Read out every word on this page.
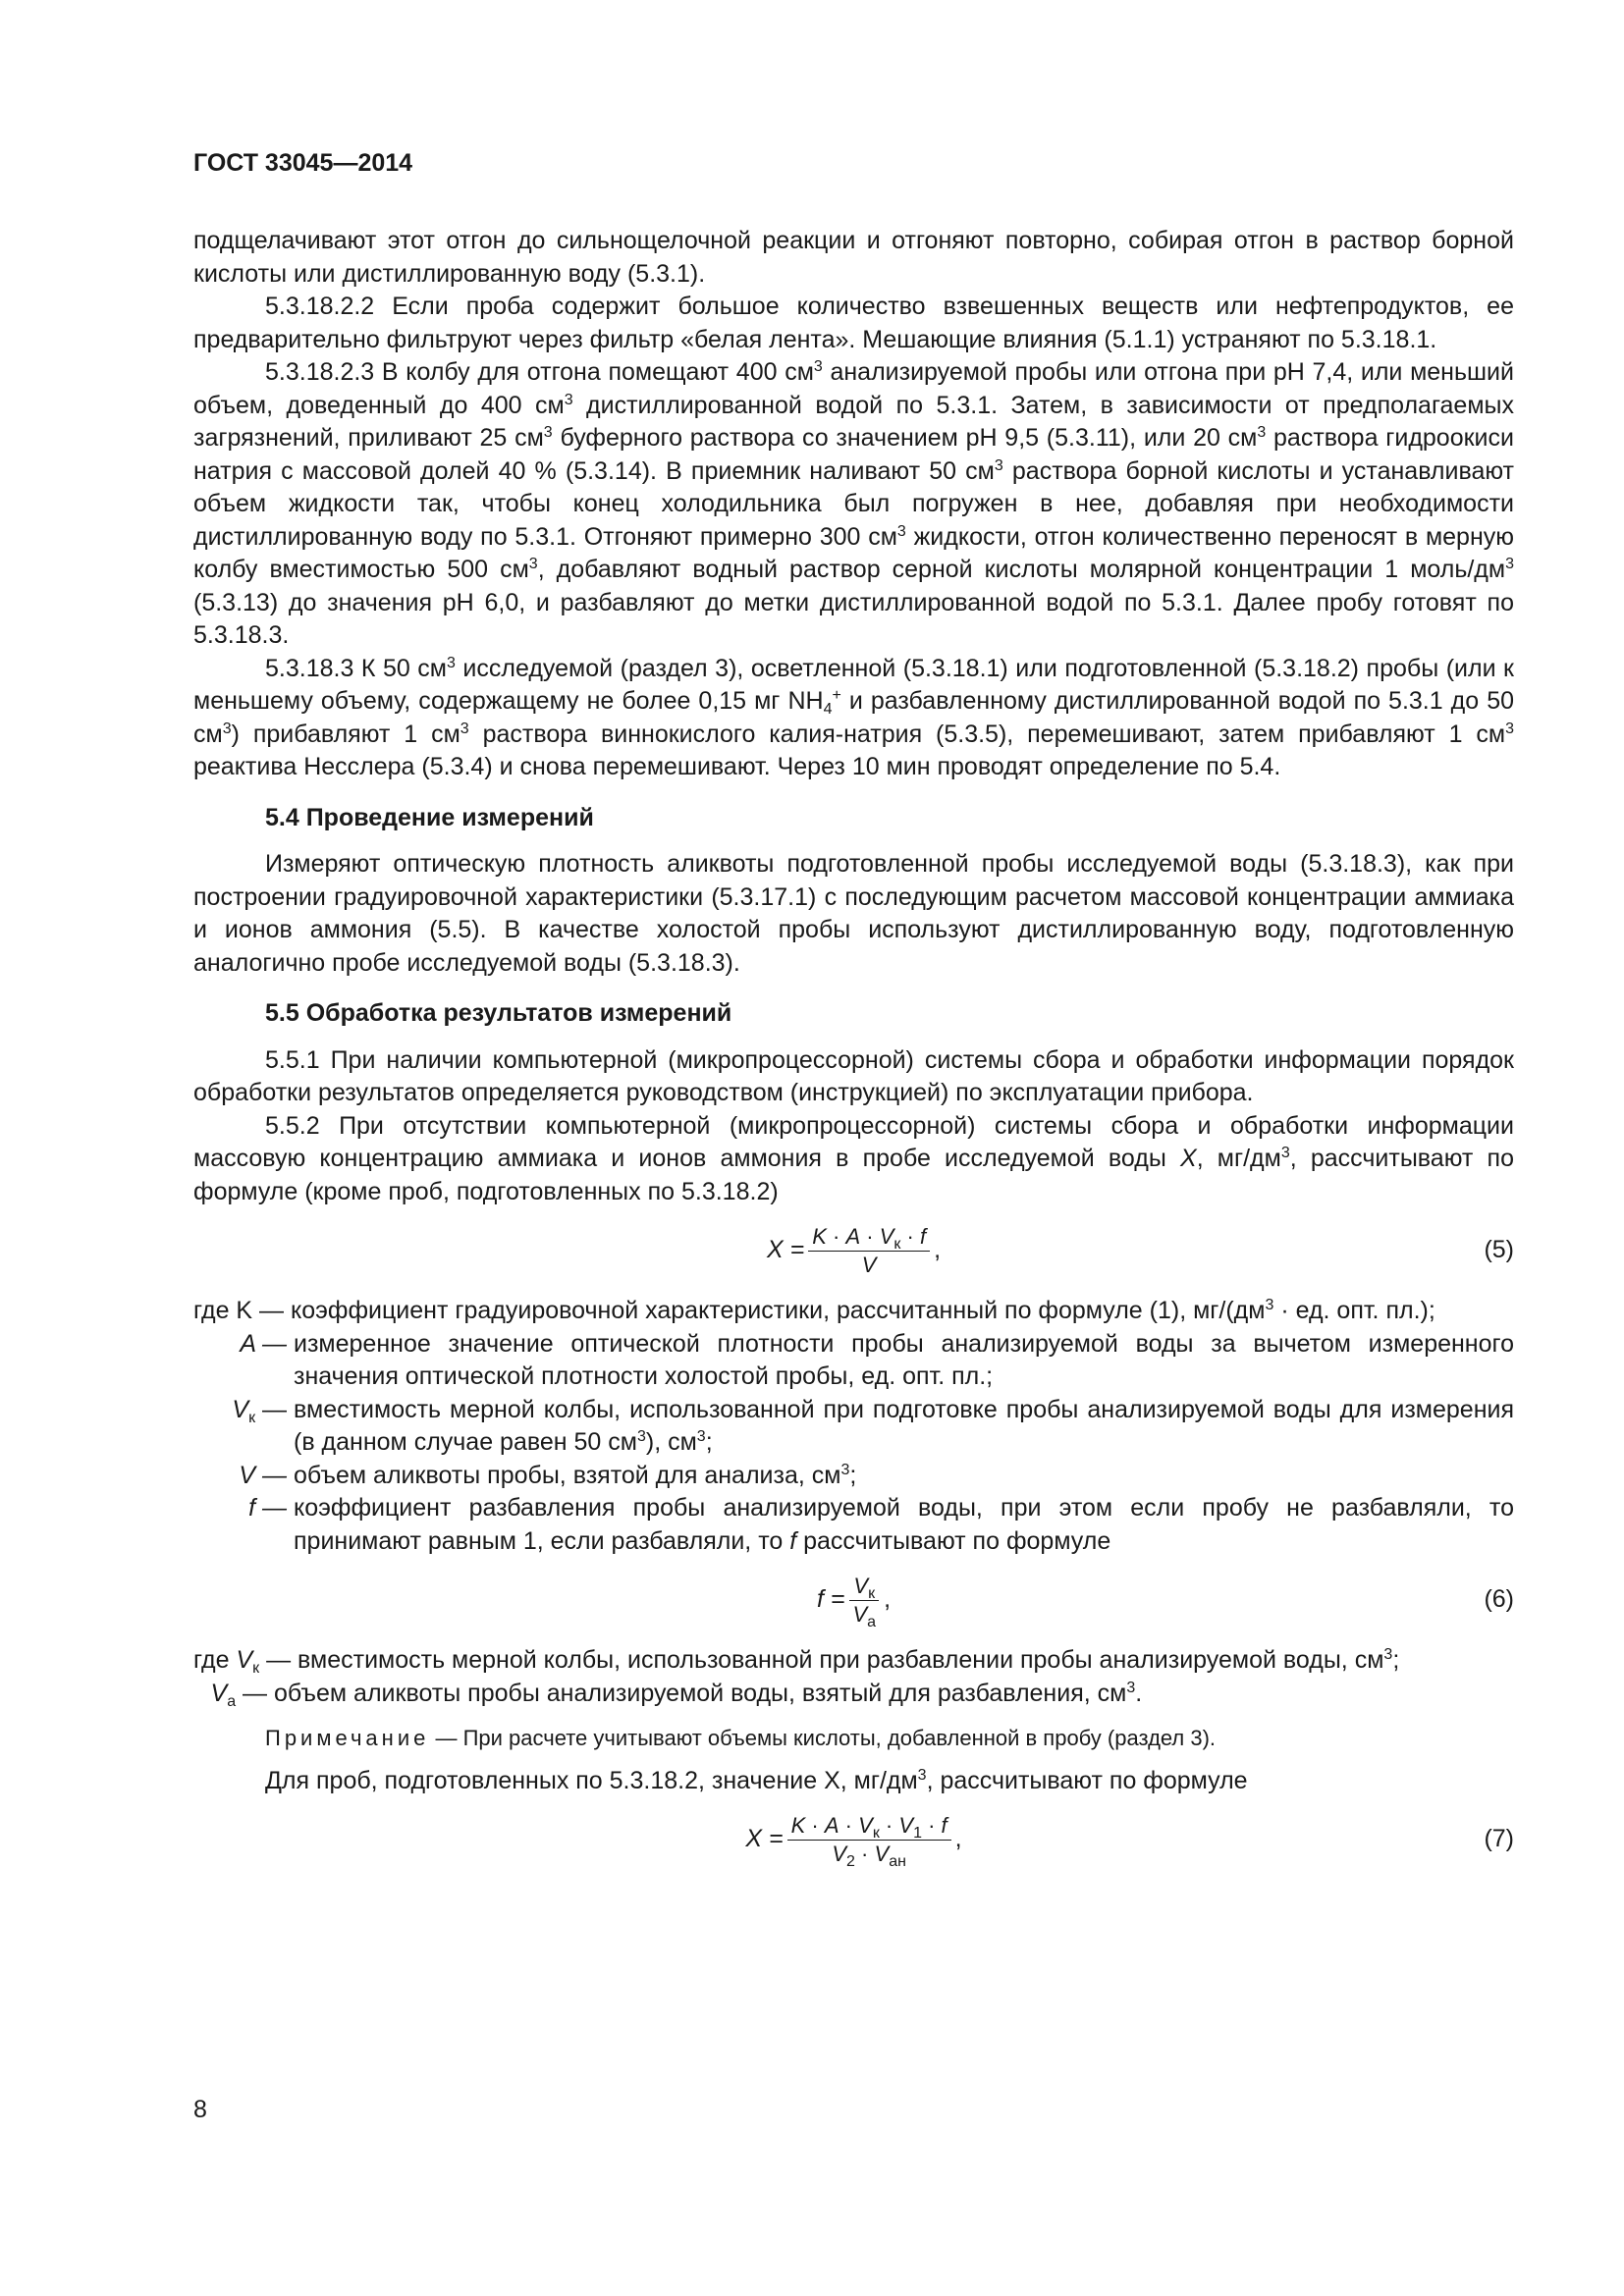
ГОСТ 33045—2014

подщелачивают этот отгон до сильнощелочной реакции и отгоняют повторно, собирая отгон в раствор борной кислоты или дистиллированную воду (5.3.1).

5.3.18.2.2 Если проба содержит большое количество взвешенных веществ или нефтепродуктов, ее предварительно фильтруют через фильтр «белая лента». Мешающие влияния (5.1.1) устраняют по 5.3.18.1.

5.3.18.2.3 В колбу для отгона помещают 400 $см^3$ анализируемой пробы или отгона при pH 7,4, или меньший объем, доведенный до 400 $см^3$ дистиллированной водой по 5.3.1. Затем, в зависимости от предполагаемых загрязнений, приливают 25 $см^3$ буферного раствора со значением pH 9,5 (5.3.11), или 20 $см^3$ раствора гидроокиси натрия с массовой долей 40 % (5.3.14). В приемник наливают 50 $см^3$ раствора борной кислоты и устанавливают объем жидкости так, чтобы конец холодильника был погружен в нее, добавляя при необходимости дистиллированную воду по 5.3.1. Отгоняют примерно 300 $см^3$ жидкости, отгон количественно переносят в мерную колбу вместимостью 500 $см^3$, добавляют водный раствор серной кислоты молярной концентрации 1 моль/$дм^3$ (5.3.13) до значения pH 6,0, и разбавляют до метки дистиллированной водой по 5.3.1. Далее пробу готовят по 5.3.18.3.

5.3.18.3 К 50 $см^3$ исследуемой (раздел 3), осветленной (5.3.18.1) или подготовленной (5.3.18.2) пробы (или к меньшему объему, содержащему не более 0,15 мг $NH_4^+$ и разбавленному дистиллированной водой по 5.3.1 до 50 $см^3$) прибавляют 1 $см^3$ раствора виннокислого калия-натрия (5.3.5), перемешивают, затем прибавляют 1 $см^3$ реактива Несслера (5.3.4) и снова перемешивают. Через 10 мин проводят определение по 5.4.

5.4 Проведение измерений

Измеряют оптическую плотность аликвоты подготовленной пробы исследуемой воды (5.3.18.3), как при построении градуировочной характеристики (5.3.17.1) с последующим расчетом массовой концентрации аммиака и ионов аммония (5.5). В качестве холостой пробы используют дистиллированную воду, подготовленную аналогично пробе исследуемой воды (5.3.18.3).

5.5 Обработка результатов измерений

5.5.1 При наличии компьютерной (микропроцессорной) системы сбора и обработки информации порядок обработки результатов определяется руководством (инструкцией) по эксплуатации прибора.

5.5.2 При отсутствии компьютерной (микропроцессорной) системы сбора и обработки информации массовую концентрацию аммиака и ионов аммония в пробе исследуемой воды X, $мг/дм^3$, рассчитывают по формуле (кроме проб, подготовленных по 5.3.18.2)

$X = \frac{K \cdot A \cdot V_к \cdot f}{V}$ ,	(5)
где K — коэффициент градуировочной характеристики, рассчитанный по формуле (1), $мг/(дм^3$ · ед. опт. пл.);
A — измеренное значение оптической плотности пробы анализируемой воды за вычетом измеренного значения оптической плотности холостой пробы, ед. опт. пл.;
$V_к$ — вместимость мерной колбы, использованной при подготовке пробы анализируемой воды для измерения (в данном случае равен 50 $см^3$), $см^3$;
V — объем аликвоты пробы, взятой для анализа, $см^3$;
f — коэффициент разбавления пробы анализируемой воды, при этом если пробу не разбавляли, то принимают равным 1, если разбавляли, то f рассчитывают по формуле
$f = \frac{V_к}{V_а}$ ,	(6)
где $V_к$ — вместимость мерной колбы, использованной при разбавлении пробы анализируемой воды, $см^3$;
$V_а$ — объем аликвоты пробы анализируемой воды, взятый для разбавления, $см^3$.
Примечание — При расчете учитывают объемы кислоты, добавленной в пробу (раздел 3).

Для проб, подготовленных по 5.3.18.2, значение X, $мг/дм^3$, рассчитывают по формуле

$X = \frac{K \cdot A \cdot V_к \cdot V_1 \cdot f}{V_2 \cdot V_{ан}}$ ,	(7)
8
